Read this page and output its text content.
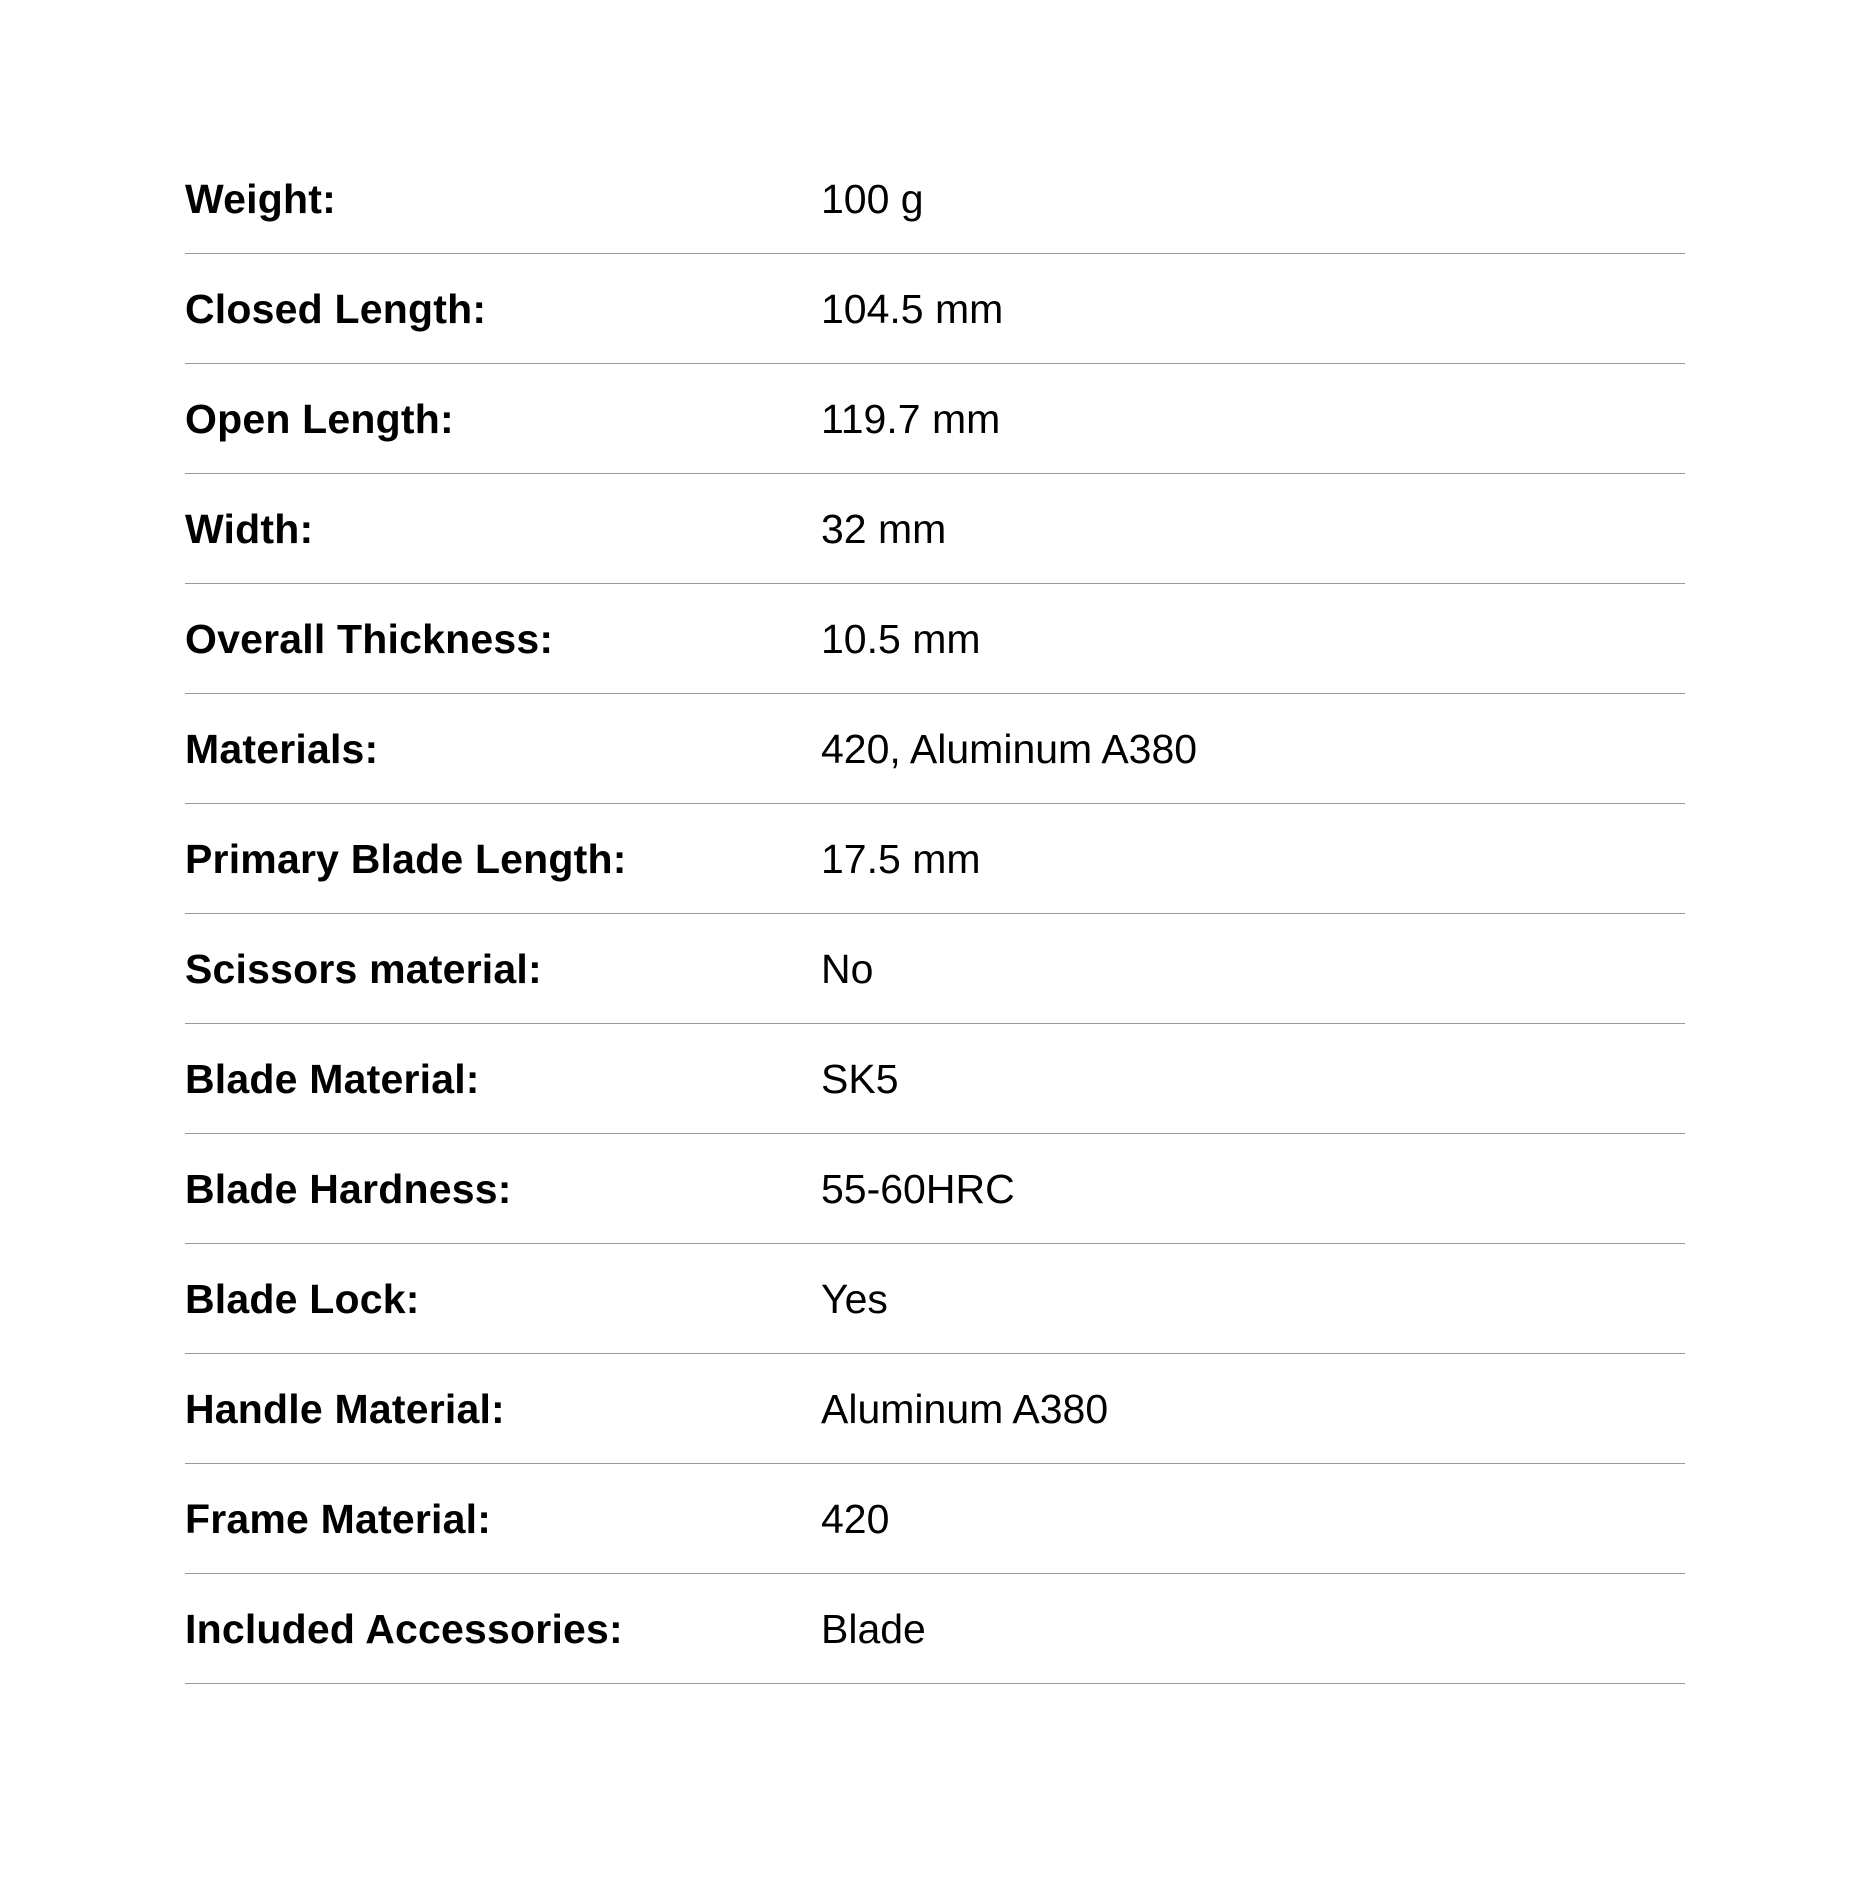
Weight:	100 g
Closed Length:	104.5 mm
Open Length:	119.7 mm
Width:	32 mm
Overall Thickness:	10.5 mm
Materials:	420, Aluminum A380
Primary Blade Length:	17.5 mm
Scissors material:	No
Blade Material:	SK5
Blade Hardness:	55-60HRC
Blade Lock:	Yes
Handle Material:	Aluminum A380
Frame Material:	420
Included Accessories:	Blade
